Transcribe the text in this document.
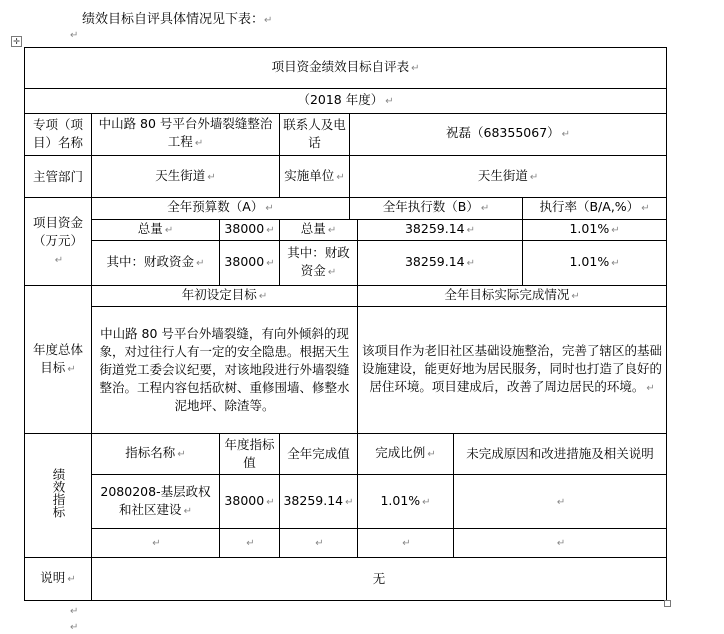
绩效目标自评具体情况见下表：↵
↵
✛
项目资金绩效目标自评表 ↵							
（2018 年度） ↵							
专项（项目）名称	中山路 80 号平台外墙裂缝整治工程 ↵		联系人及电话	祝磊（68355067） ↵			
主管部门	天生街道 ↵		实施单位 ↵	天生街道 ↵			
项目资金（万元）↵	全年预算数（A） ↵			全年执行数（B） ↵			执行率（B/A,%） ↵
	总量 ↵	38000 ↵	总量 ↵		38259.14 ↵		1.01% ↵
	其中：财政资金 ↵	38000 ↵	其中：财政资金 ↵		38259.14 ↵		1.01% ↵
年度总体目标 ↵	年初设定目标 ↵				全年目标实际完成情况 ↵		
	中山路 80 号平台外墙裂缝，有向外倾斜的现象，对过往行人有一定的安全隐患。根据天生街道党工委会议纪要，对该地段进行外墙裂缝整治。工程内容包括砍树、重修围墙、修整水泥地坪、除渣等。				该项目作为老旧社区基础设施整治，完善了辖区的基础设施建设，能更好地为居民服务，同时也打造了良好的居住环境。项目建成后，改善了周边居民的环境。 ↵		
绩效指标	指标名称 ↵	年度指标值	全年完成值		完成比例 ↵	未完成原因和改进措施及相关说明	
	2080208-基层政权和社区建设 ↵	38000 ↵	38259.14 ↵		1.01% ↵	↵	
	↵	↵	↵		↵	↵	
说明 ↵	无						
↵
↵
